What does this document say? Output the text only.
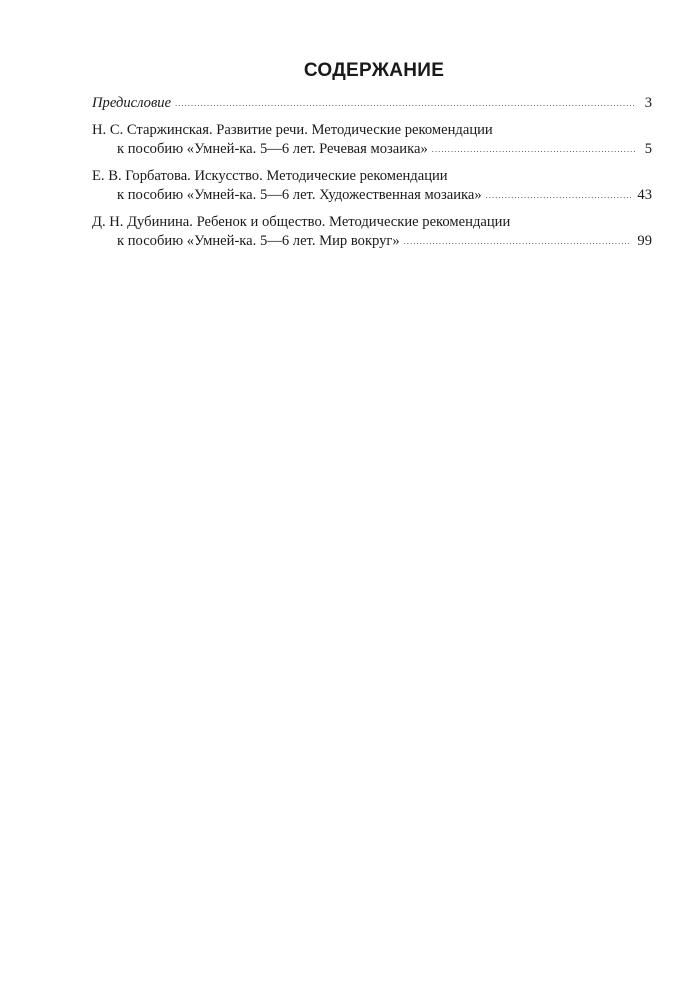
СОДЕРЖАНИЕ
Предисловие .....	3
Н. С. Старжинская. Развитие речи. Методические рекомендации
к пособию «Умней-ка. 5—6 лет. Речевая мозаика» .....	5
Е. В. Горбатова. Искусство. Методические рекомендации
к пособию «Умней-ка. 5—6 лет. Художественная мозаика» .....	43
Д. Н. Дубинина. Ребенок и общество. Методические рекомендации
к пособию «Умней-ка. 5—6 лет. Мир вокруг» .....	99
